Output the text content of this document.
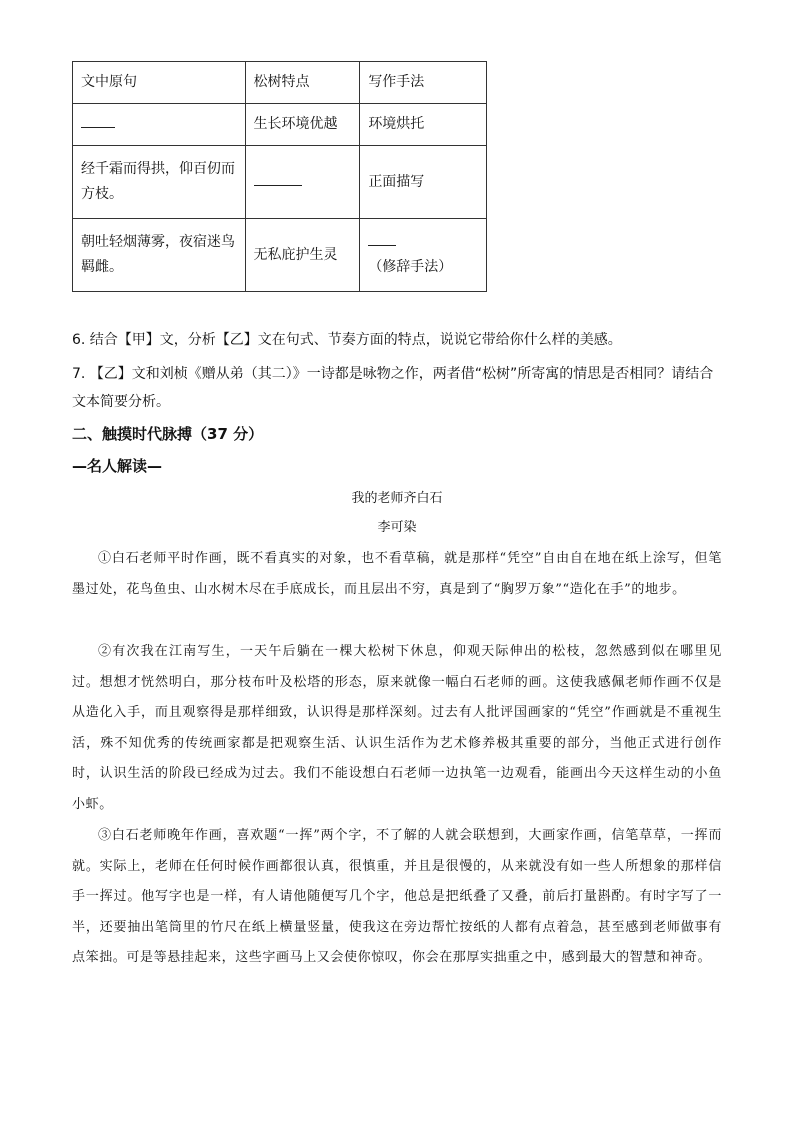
文中原句	松树特点	写作手法
	生长环境优越	环境烘托
经千霜而得拱，仰百仞而方枝。		正面描写
朝吐轻烟薄雾，夜宿迷鸟羁雌。	无私庇护生灵	（修辞手法）
6. 结合【甲】文，分析【乙】文在句式、节奏方面的特点，说说它带给你什么样的美感。
7. 【乙】文和刘桢《赠从弟（其二）》一诗都是咏物之作，两者借“松树”所寄寓的情思是否相同？请结合文本简要分析。
二、触摸时代脉搏（37 分）
—名人解读—
我的老师齐白石
李可染
①白石老师平时作画，既不看真实的对象，也不看草稿，就是那样“凭空”自由自在地在纸上涂写，但笔墨过处，花鸟鱼虫、山水树木尽在手底成长，而且层出不穷，真是到了“胸罗万象”“造化在手”的地步。
②有次我在江南写生，一天午后躺在一棵大松树下休息，仰观天际伸出的松枝，忽然感到似在哪里见过。想想才恍然明白，那分枝布叶及松塔的形态，原来就像一幅白石老师的画。这使我感佩老师作画不仅是从造化入手，而且观察得是那样细致，认识得是那样深刻。过去有人批评国画家的“凭空”作画就是不重视生活，殊不知优秀的传统画家都是把观察生活、认识生活作为艺术修养极其重要的部分，当他正式进行创作时，认识生活的阶段已经成为过去。我们不能设想白石老师一边执笔一边观看，能画出今天这样生动的小鱼小虾。
③白石老师晚年作画，喜欢题“一挥”两个字，不了解的人就会联想到，大画家作画，信笔草草，一挥而就。实际上，老师在任何时候作画都很认真，很慎重，并且是很慢的，从来就没有如一些人所想象的那样信手一挥过。他写字也是一样，有人请他随便写几个字，他总是把纸叠了又叠，前后打量斟酌。有时字写了一半，还要抽出笔筒里的竹尺在纸上横量竖量，使我这在旁边帮忙按纸的人都有点着急，甚至感到老师做事有点笨拙。可是等悬挂起来，这些字画马上又会使你惊叹，你会在那厚实拙重之中，感到最大的智慧和神奇。
